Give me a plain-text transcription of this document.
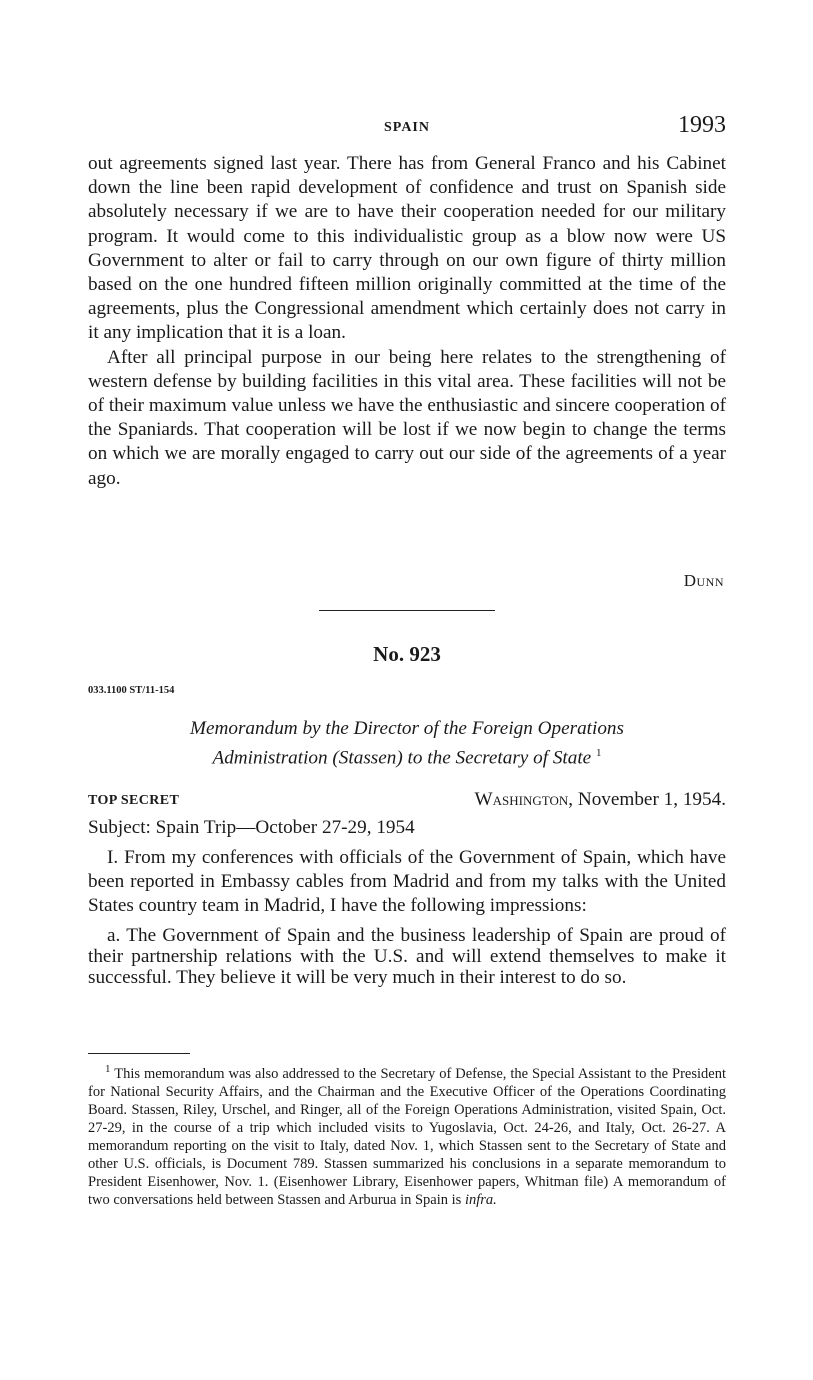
SPAIN	1993

out agreements signed last year. There has from General Franco and his Cabinet down the line been rapid development of confidence and trust on Spanish side absolutely necessary if we are to have their cooperation needed for our military program. It would come to this individualistic group as a blow now were US Government to alter or fail to carry through on our own figure of thirty million based on the one hundred fifteen million originally committed at the time of the agreements, plus the Congressional amendment which certainly does not carry in it any implication that it is a loan.

After all principal purpose in our being here relates to the strengthening of western defense by building facilities in this vital area. These facilities will not be of their maximum value unless we have the enthusiastic and sincere cooperation of the Spaniards. That cooperation will be lost if we now begin to change the terms on which we are morally engaged to carry out our side of the agreements of a year ago.

Dunn
No. 923
033.1100 ST/11-154
Memorandum by the Director of the Foreign Operations
Administration (Stassen) to the Secretary of State $^1$
TOP SECRET	Washington, November 1, 1954.
Subject: Spain Trip—October 27-29, 1954

I. From my conferences with officials of the Government of Spain, which have been reported in Embassy cables from Madrid and from my talks with the United States country team in Madrid, I have the following impressions:

a. The Government of Spain and the business leadership of Spain are proud of their partnership relations with the U.S. and will extend themselves to make it successful. They believe it will be very much in their interest to do so.

$^1$ This memorandum was also addressed to the Secretary of Defense, the Special Assistant to the President for National Security Affairs, and the Chairman and the Executive Officer of the Operations Coordinating Board. Stassen, Riley, Urschel, and Ringer, all of the Foreign Operations Administration, visited Spain, Oct. 27-29, in the course of a trip which included visits to Yugoslavia, Oct. 24-26, and Italy, Oct. 26-27. A memorandum reporting on the visit to Italy, dated Nov. 1, which Stassen sent to the Secretary of State and other U.S. officials, is Document 789. Stassen summarized his conclusions in a separate memorandum to President Eisenhower, Nov. 1. (Eisenhower Library, Eisenhower papers, Whitman file) A memorandum of two conversations held between Stassen and Arburua in Spain is infra.
